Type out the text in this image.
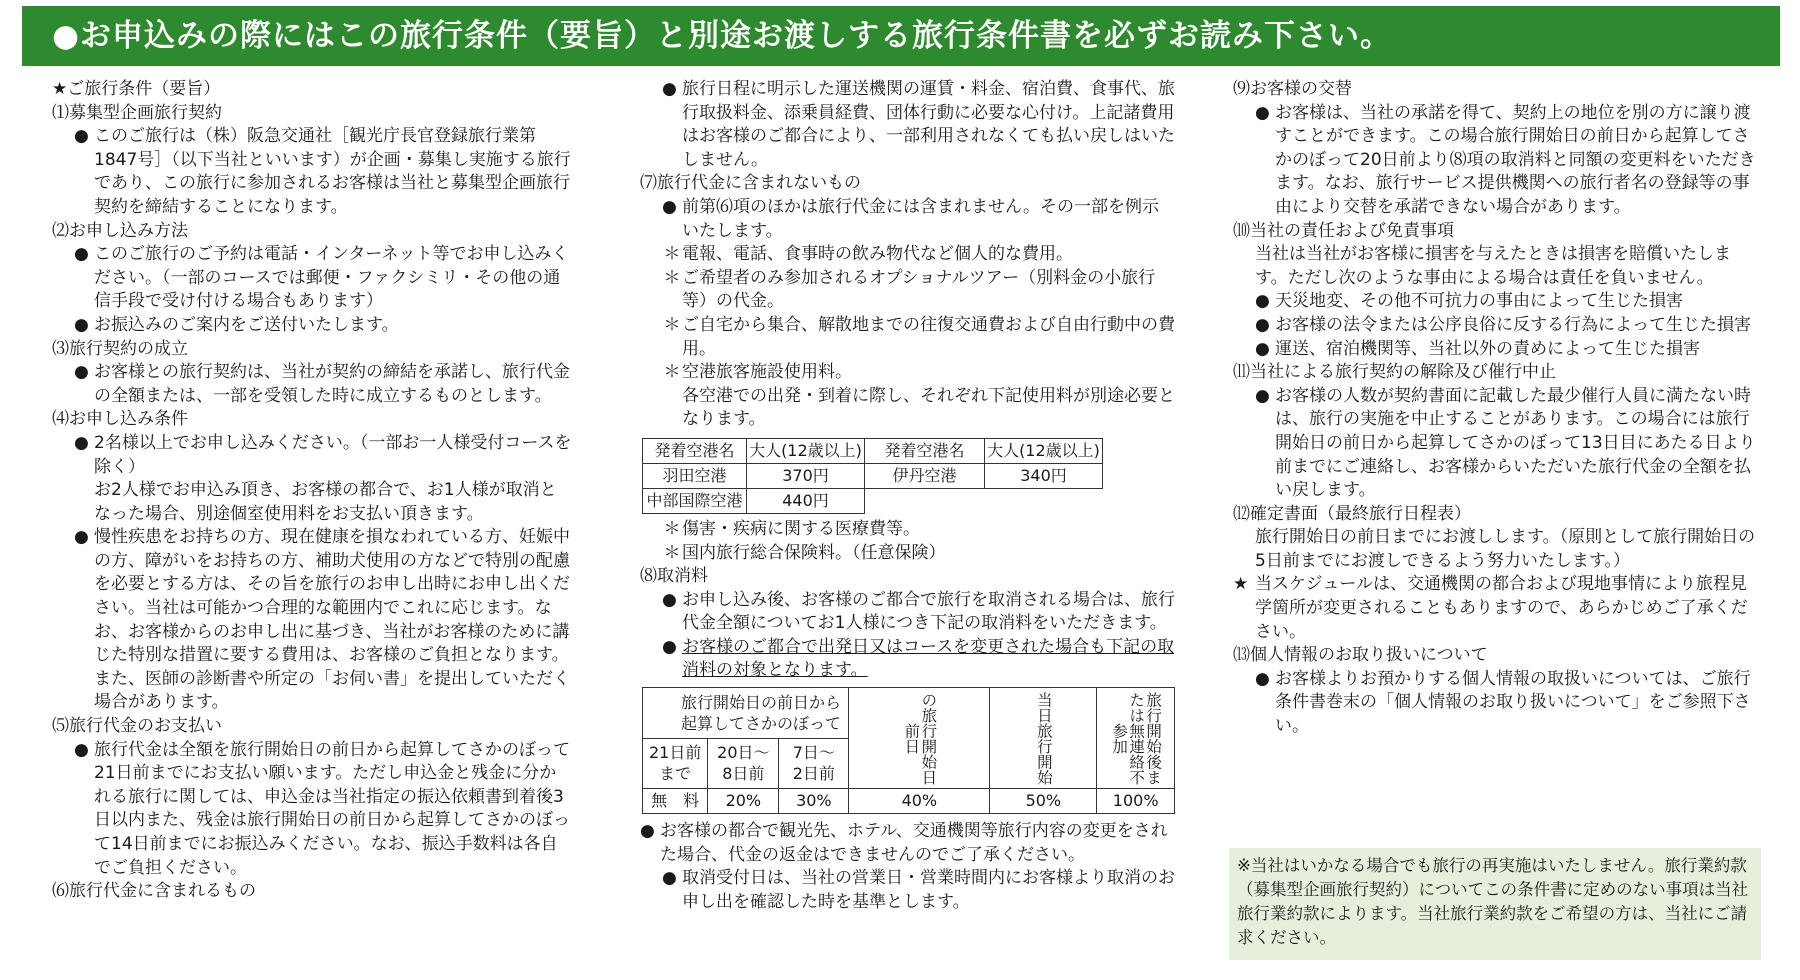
●お申込みの際にはこの旅行条件（要旨）と別途お渡しする旅行条件書を必ずお読み下さい。
★ご旅行条件（要旨）
⑴募集型企画旅行契約
● このご旅行は（株）阪急交通社［観光庁長官登録旅行業第1847号］（以下当社といいます）が企画・募集し実施する旅行であり、この旅行に参加されるお客様は当社と募集型企画旅行契約を締結することになります。
⑵お申し込み方法
● このご旅行のご予約は電話・インターネット等でお申し込みください。（一部のコースでは郵便・ファクシミリ・その他の通信手段で受け付ける場合もあります）
● お振込みのご案内をご送付いたします。
⑶旅行契約の成立
● お客様との旅行契約は、当社が契約の締結を承諾し、旅行代金の全額または、一部を受領した時に成立するものとします。
⑷お申し込み条件
● 2名様以上でお申し込みください。（一部お一人様受付コースを除く）
お2人様でお申込み頂き、お客様の都合で、お1人様が取消となった場合、別途個室使用料をお支払い頂きます。
● 慢性疾患をお持ちの方、現在健康を損なわれている方、妊娠中の方、障がいをお持ちの方、補助犬使用の方などで特別の配慮を必要とする方は、その旨を旅行のお申し出時にお申し出ください。当社は可能かつ合理的な範囲内でこれに応じます。なお、お客様からのお申し出に基づき、当社がお客様のために講じた特別な措置に要する費用は、お客様のご負担となります。また、医師の診断書や所定の「お伺い書」を提出していただく場合があります。
⑸旅行代金のお支払い
● 旅行代金は全額を旅行開始日の前日から起算してさかのぼって21日前までにお支払い願います。ただし申込金と残金に分かれる旅行に関しては、申込金は当社指定の振込依頼書到着後3日以内また、残金は旅行開始日の前日から起算してさかのぼって14日前までにお振込みください。なお、振込手数料は各自でご負担ください。
⑹旅行代金に含まれるもの
● 旅行日程に明示した運送機関の運賃・料金、宿泊費、食事代、旅行取扱料金、添乗員経費、団体行動に必要な心付け。上記諸費用はお客様のご都合により、一部利用されなくても払い戻しはいたしません。
⑺旅行代金に含まれないもの
● 前第⑹項のほかは旅行代金には含まれません。その一部を例示いたします。
＊ 電報、電話、食事時の飲み物代など個人的な費用。
＊ ご希望者のみ参加されるオプショナルツアー（別料金の小旅行等）の代金。
＊ ご自宅から集合、解散地までの往復交通費および自由行動中の費用。
＊ 空港旅客施設使用料。
各空港での出発・到着に際し、それぞれ下記使用料が別途必要となります。
発着空港名	大人(12歳以上)	発着空港名	大人(12歳以上)
羽田空港	370円	伊丹空港	340円
中部国際空港	440円		
＊ 傷害・疾病に関する医療費等。
＊ 国内旅行総合保険料。（任意保険）
⑻取消料
● お申し込み後、お客様のご都合で旅行を取消される場合は、旅行代金全額についてお1人様につき下記の取消料をいただきます。
● お客様のご都合で出発日又はコースを変更された場合も下記の取消料の対象となります。
旅行開始日の前日から起算してさかのぼって			の旅行開始日前日	当日旅行開始	旅行開始後または無連絡不参加

21日前まで	20日〜　8日前	7日〜　2日前			
無　料	20%	30%	40%	50%	100%
● お客様の都合で観光先、ホテル、交通機関等旅行内容の変更をされた場合、代金の返金はできませんのでご了承ください。
● 取消受付日は、当社の営業日・営業時間内にお客様より取消のお申し出を確認した時を基準とします。
⑼お客様の交替
● お客様は、当社の承諾を得て、契約上の地位を別の方に譲り渡すことができます。この場合旅行開始日の前日から起算してさかのぼって20日前より⑻項の取消料と同額の変更料をいただきます。なお、旅行サービス提供機関への旅行者名の登録等の事由により交替を承諾できない場合があります。
⑽当社の責任および免責事項
当社は当社がお客様に損害を与えたときは損害を賠償いたします。ただし次のような事由による場合は責任を負いません。
● 天災地変、その他不可抗力の事由によって生じた損害
● お客様の法令または公序良俗に反する行為によって生じた損害
● 運送、宿泊機関等、当社以外の責めによって生じた損害
⑾当社による旅行契約の解除及び催行中止
● お客様の人数が契約書面に記載した最少催行人員に満たない時は、旅行の実施を中止することがあります。この場合には旅行開始日の前日から起算してさかのぼって13日目にあたる日より前までにご連絡し、お客様からいただいた旅行代金の全額を払い戻します。
⑿確定書面（最終旅行日程表）
旅行開始日の前日までにお渡しします。（原則として旅行開始日の5日前までにお渡しできるよう努力いたします。）
★ 当スケジュールは、交通機関の都合および現地事情により旅程見学箇所が変更されることもありますので、あらかじめご了承ください。
⒀個人情報のお取り扱いについて
● お客様よりお預かりする個人情報の取扱いについては、ご旅行条件書巻末の「個人情報のお取り扱いについて」をご参照下さい。
※当社はいかなる場合でも旅行の再実施はいたしません。旅行業約款（募集型企画旅行契約）についてこの条件書に定めのない事項は当社旅行業約款によります。当社旅行業約款をご希望の方は、当社にご請求ください。
